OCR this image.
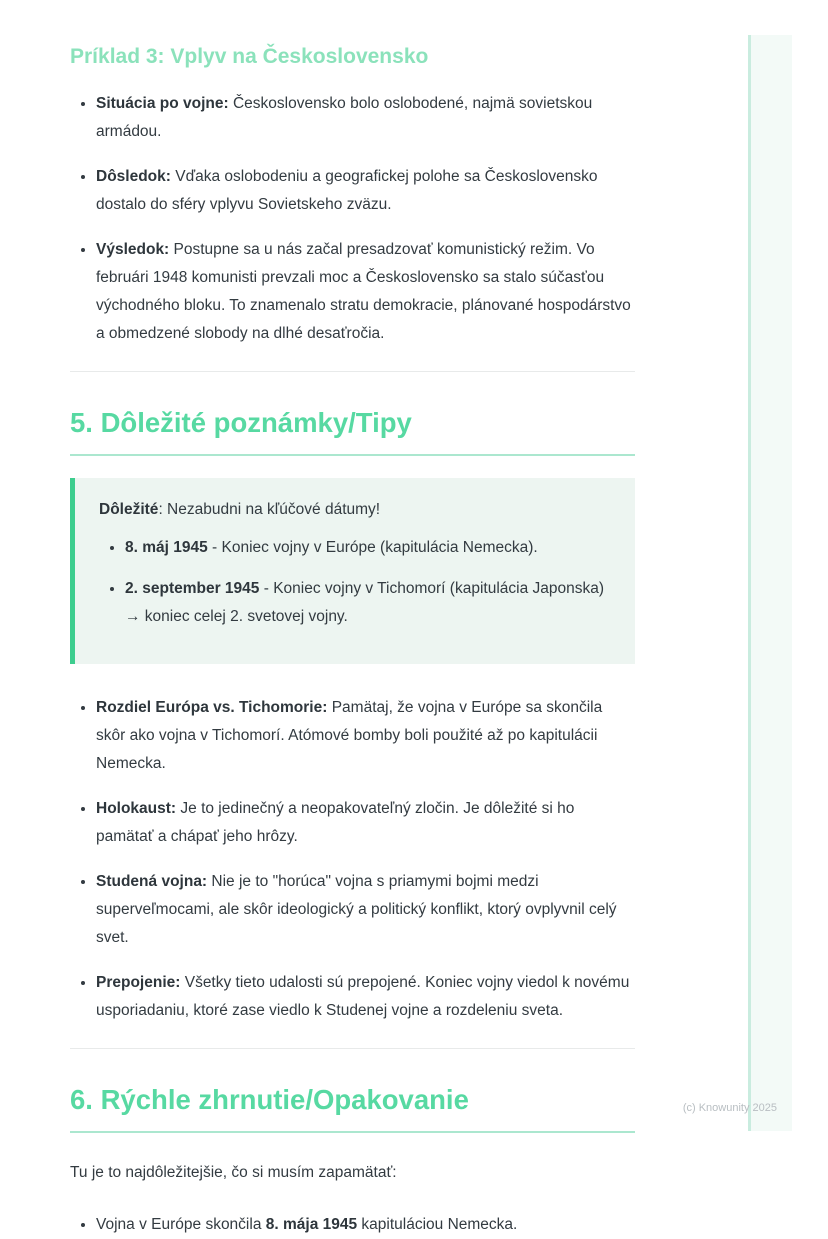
Príklad 3: Vplyv na Československo
• Situácia po vojne: Československo bolo oslobodené, najmä sovietskou armádou.
• Dôsledok: Vďaka oslobodeniu a geografickej polohe sa Československo dostalo do sféry vplyvu Sovietskeho zväzu.
• Výsledok: Postupne sa u nás začal presadzovať komunistický režim. Vo februári 1948 komunisti prevzali moc a Československo sa stalo súčasťou východného bloku. To znamenalo stratu demokracie, plánované hospodárstvo a obmedzené slobody na dlhé desaťročia.
5. Dôležité poznámky/Tipy

Dôležité: Nezabudni na kľúčové dátumy!

• 8. máj 1945 - Koniec vojny v Európe (kapitulácia Nemecka).
• 2. september 1945 - Koniec vojny v Tichomorí (kapitulácia Japonska) → koniec celej 2. svetovej vojny.
• Rozdiel Európa vs. Tichomorie: Pamätaj, že vojna v Európe sa skončila skôr ako vojna v Tichomorí. Atómové bomby boli použité až po kapitulácii Nemecka.
• Holokaust: Je to jedinečný a neopakovateľný zločin. Je dôležité si ho pamätať a chápať jeho hrôzy.
• Studená vojna: Nie je to "horúca" vojna s priamymi bojmi medzi superveľmocami, ale skôr ideologický a politický konflikt, ktorý ovplyvnil celý svet.
• Prepojenie: Všetky tieto udalosti sú prepojené. Koniec vojny viedol k novému usporiadaniu, ktoré zase viedlo k Studenej vojne a rozdeleniu sveta.
6. Rýchle zhrnutie/Opakovanie

Tu je to najdôležitejšie, čo si musím zapamätať:

• Vojna v Európe skončila 8. mája 1945 kapituláciou Nemecka.
(c) Knowunity 2025
